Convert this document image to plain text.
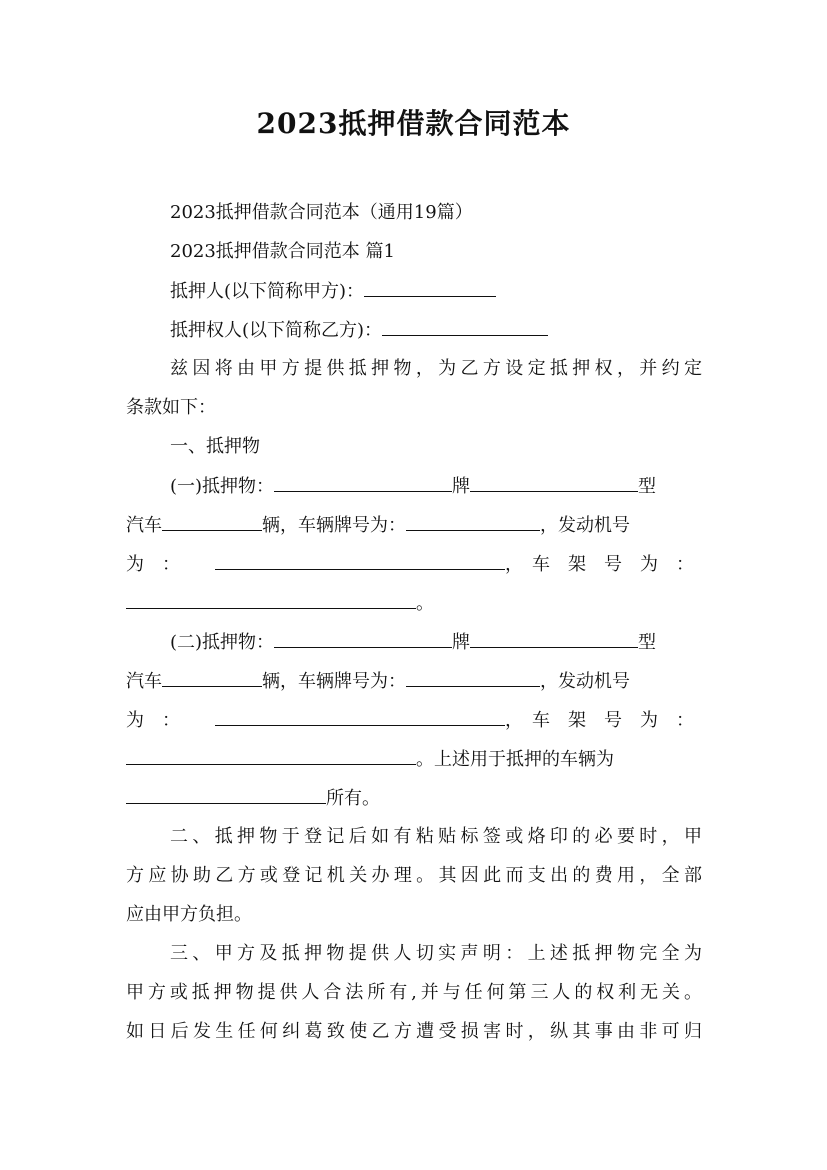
2023抵押借款合同范本
2023抵押借款合同范本（通用19篇）
2023抵押借款合同范本 篇1
抵押人(以下简称甲方)：
抵押权人(以下简称乙方)：
兹因将由甲方提供抵押物，为乙方设定抵押权，并约定
条款如下：
一、抵押物
(一)抵押物：	牌	型
汽车	辆，车辆牌号为：	，发动机号
为　：	，　车　架　号　为　：
。
(二)抵押物：	牌	型
汽车	辆，车辆牌号为：	，发动机号
为　：	，　车　架　号　为　：
。上述用于抵押的车辆为
所有。
二、抵押物于登记后如有粘贴标签或烙印的必要时，甲
方应协助乙方或登记机关办理。其因此而支出的费用，全部
应由甲方负担。
三、甲方及抵押物提供人切实声明：上述抵押物完全为
甲方或抵押物提供人合法所有,并与任何第三人的权利无关。
如日后发生任何纠葛致使乙方遭受损害时，纵其事由非可归
